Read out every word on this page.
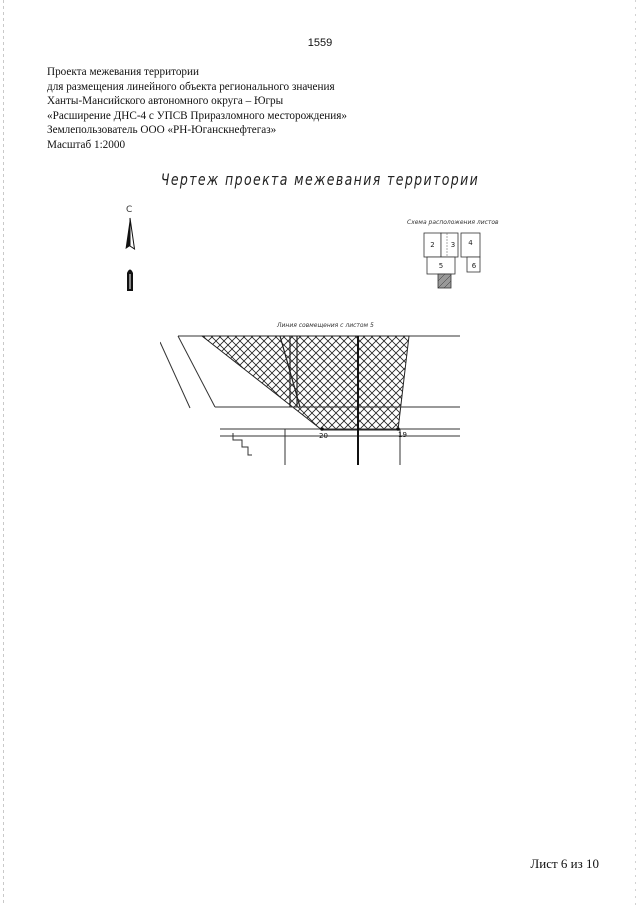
1559
Проекта межевания территории
для размещения линейного объекта регионального значения
Ханты-Мансийского автономного округа – Югры
«Расширение ДНС-4 с УПСВ Приразломного месторождения»
Землепользователь ООО «РН-Юганскнефтегаз»
Масштаб 1:2000
Чертеж проекта межевания территории
С
Схема расположения листов
2 3 4
5	6
Линия совмещения с листом 5
20	19
Лист 6 из 10
